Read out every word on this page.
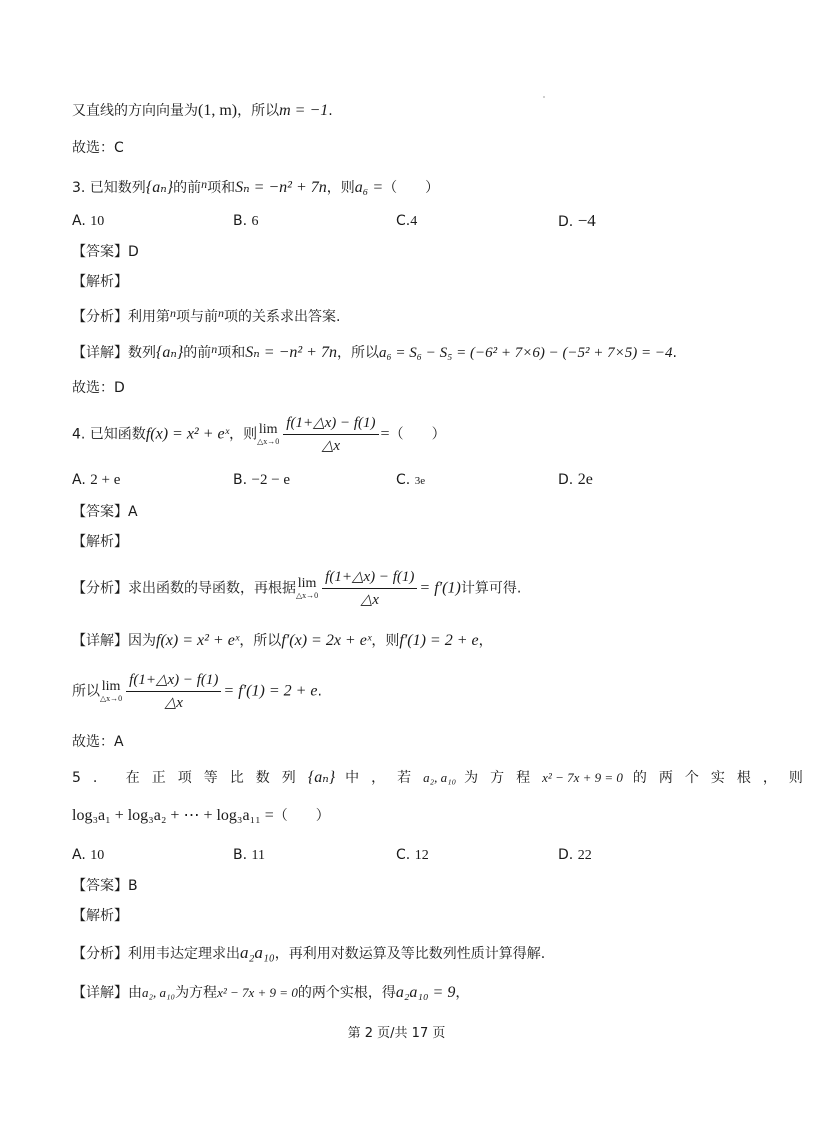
又直线的方向向量为(1, m)，所以m = −1.
故选：C
3. 已知数列{aₙ}的前n项和Sₙ = −n² + 7n，则a₆ =（　　）
A. 10	B. 6	C.4	D. −4
【答案】D
【解析】
【分析】利用第n项与前n项的关系求出答案.
【详解】数列{aₙ}的前n项和Sₙ = −n² + 7n，所以a₆ = S₆ − S₅ = (−6² + 7×6) − (−5² + 7×5) = −4.
故选：D
4. 已知函数f(x) = x² + eˣ，则 lim
△x→0 $\frac{f(1+\triangle x) - f(1)}{\triangle x}$ =（　　）
A. 2 + e	B. −2 − e	C. 3e	D. 2e
【答案】A
【解析】
【分析】求出函数的导函数，再根据 lim
△x→0 $\frac{f(1+\triangle x) - f(1)}{\triangle x} = f'(1)$计算可得.
【详解】因为f(x) = x² + eˣ，所以f′(x) = 2x + eˣ，则f′(1) = 2 + e，
所以 lim
△x→0 $\frac{f(1+\triangle x) - f(1)}{\triangle x} = f'(1) = 2 + e$.
故选：A
5. 在正项等比数列{aₙ} 中，若a₂, a₁₀ 为方程x² − 7x + 9 = 0 的两个实根，则
log₃a₁ + log₃a₂ + ⋯ + log₃a₁₁ =（　　）
A. 10	B. 11	C. 12	D. 22
【答案】B
【解析】
【分析】利用韦达定理求出a₂a₁₀，再利用对数运算及等比数列性质计算得解.
【详解】由a₂, a₁₀为方程x² − 7x + 9 = 0的两个实根，得a₂a₁₀ = 9，
第 2 页/共 17 页
